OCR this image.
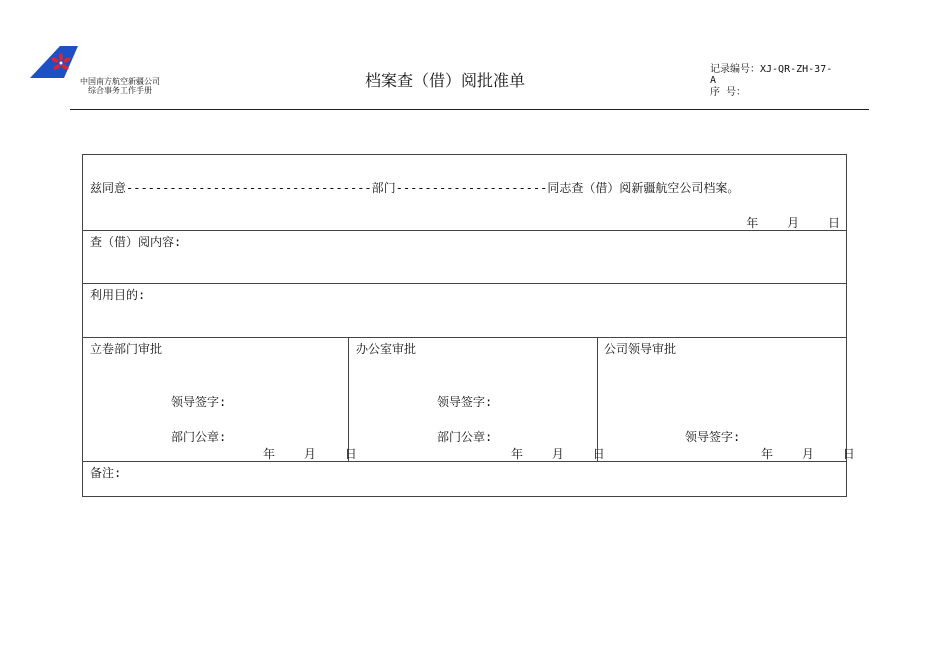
中国南方航空新疆公司
综合事务工作手册
档案查（借）阅批准单
记录编号：XJ-QR-ZH-37-
A
序 号：
兹同意----------------------------------部门---------------------同志查（借）阅新疆航空公司档案。
年    月    日
查（借）阅内容:
利用目的:
立卷部门审批
领导签字:
部门公章:
年    月    日
办公室审批
领导签字:
部门公章:
年    月    日
公司领导审批
领导签字:
年    月    日
备注:
